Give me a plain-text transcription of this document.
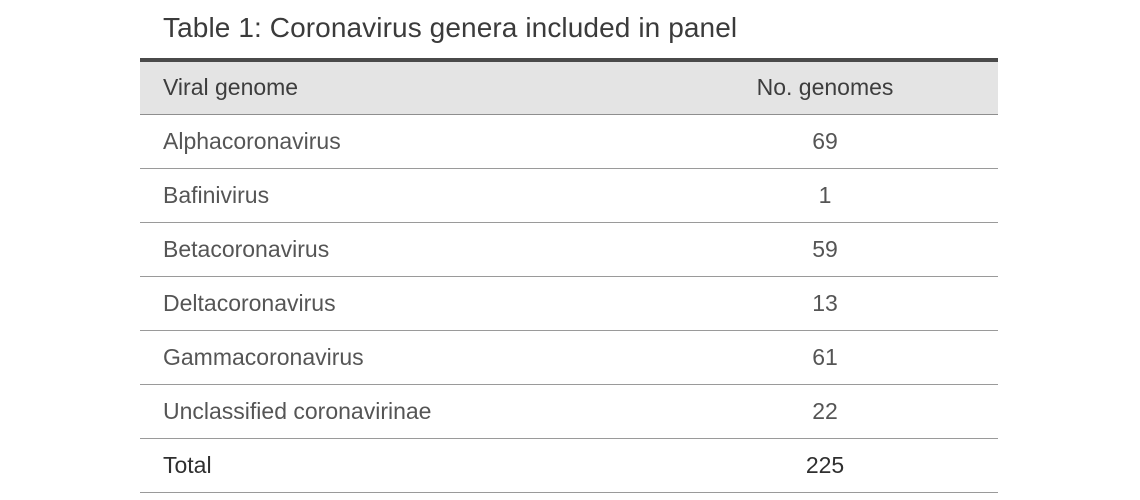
Table 1: Coronavirus genera included in panel
Viral genome	No. genomes
Alphacoronavirus	69
Bafinivirus	1
Betacoronavirus	59
Deltacoronavirus	13
Gammacoronavirus	61
Unclassified coronavirinae	22
Total	225
